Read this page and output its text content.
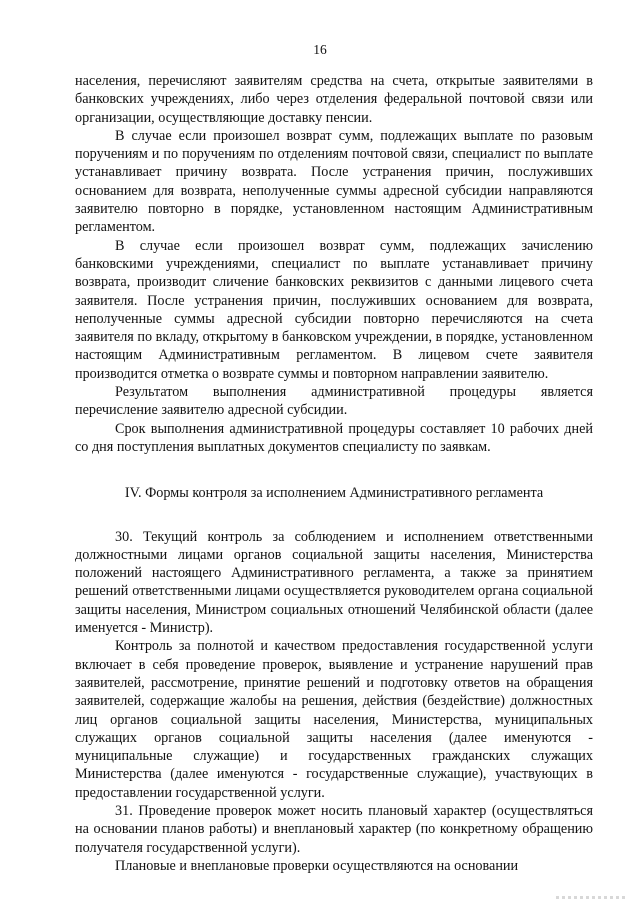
16

населения, перечисляют заявителям средства на счета, открытые заявителями в банковских учреждениях, либо через отделения федеральной почтовой связи или организации, осуществляющие доставку пенсии.

В случае если произошел возврат сумм, подлежащих выплате по разовым поручениям и по поручениям по отделениям почтовой связи, специалист по выплате устанавливает причину возврата. После устранения причин, послуживших основанием для возврата, неполученные суммы адресной субсидии направляются заявителю повторно в порядке, установленном настоящим Административным регламентом.

В случае если произошел возврат сумм, подлежащих зачислению банковскими учреждениями, специалист по выплате устанавливает причину возврата, производит сличение банковских реквизитов с данными лицевого счета заявителя. После устранения причин, послуживших основанием для возврата, неполученные суммы адресной субсидии повторно перечисляются на счета заявителя по вкладу, открытому в банковском учреждении, в порядке, установленном настоящим Административным регламентом. В лицевом счете заявителя производится отметка о возврате суммы и повторном направлении заявителю.

Результатом выполнения административной процедуры является перечисление заявителю адресной субсидии.

Срок выполнения административной процедуры составляет 10 рабочих дней со дня поступления выплатных документов специалисту по заявкам.

IV. Формы контроля за исполнением Административного регламента

30. Текущий контроль за соблюдением и исполнением ответственными должностными лицами органов социальной защиты населения, Министерства положений настоящего Административного регламента, а также за принятием решений ответственными лицами осуществляется руководителем органа социальной защиты населения, Министром социальных отношений Челябинской области (далее именуется - Министр).

Контроль за полнотой и качеством предоставления государственной услуги включает в себя проведение проверок, выявление и устранение нарушений прав заявителей, рассмотрение, принятие решений и подготовку ответов на обращения заявителей, содержащие жалобы на решения, действия (бездействие) должностных лиц органов социальной защиты населения, Министерства, муниципальных служащих органов социальной защиты населения (далее именуются - муниципальные служащие) и государственных гражданских служащих Министерства (далее именуются - государственные служащие), участвующих в предоставлении государственной услуги.

31. Проведение проверок может носить плановый характер (осуществляться на основании планов работы) и внеплановый характер (по конкретному обращению получателя государственной услуги).

Плановые и внеплановые проверки осуществляются на основании
